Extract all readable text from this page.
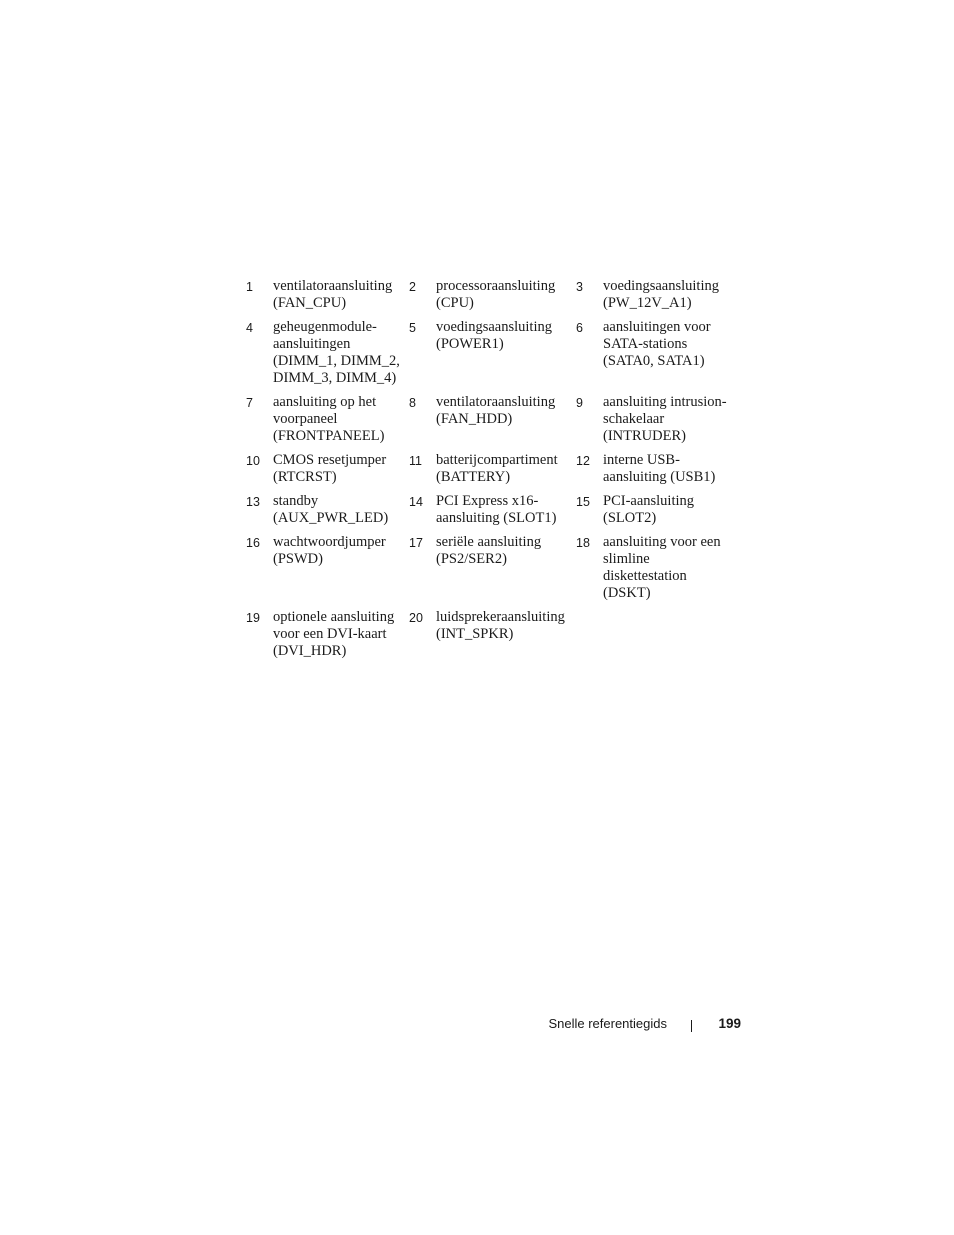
1	ventilatoraansluiting (FAN_CPU)	2	processoraansluiting (CPU)	3	voedingsaansluiting (PW_12V_A1)
4	geheugenmodule-aansluitingen (DIMM_1, DIMM_2, DIMM_3, DIMM_4)	5	voedingsaansluiting (POWER1)	6	aansluitingen voor SATA-stations (SATA0, SATA1)
7	aansluiting op het voorpaneel (FRONTPANEEL)	8	ventilatoraansluiting (FAN_HDD)	9	aansluiting intrusion-schakelaar (INTRUDER)
10	CMOS resetjumper (RTCRST)	11	batterijcompartiment (BATTERY)	12	interne USB-aansluiting (USB1)
13	standby (AUX_PWR_LED)	14	PCI Express x16-aansluiting (SLOT1)	15	PCI-aansluiting (SLOT2)
16	wachtwoordjumper (PSWD)	17	seriële aansluiting (PS2/SER2)	18	aansluiting voor een slimline diskettestation (DSKT)
19	optionele aansluiting voor een DVI-kaart (DVI_HDR)	20	luidsprekeraansluiting (INT_SPKR)		
Snelle referentiegids	199
